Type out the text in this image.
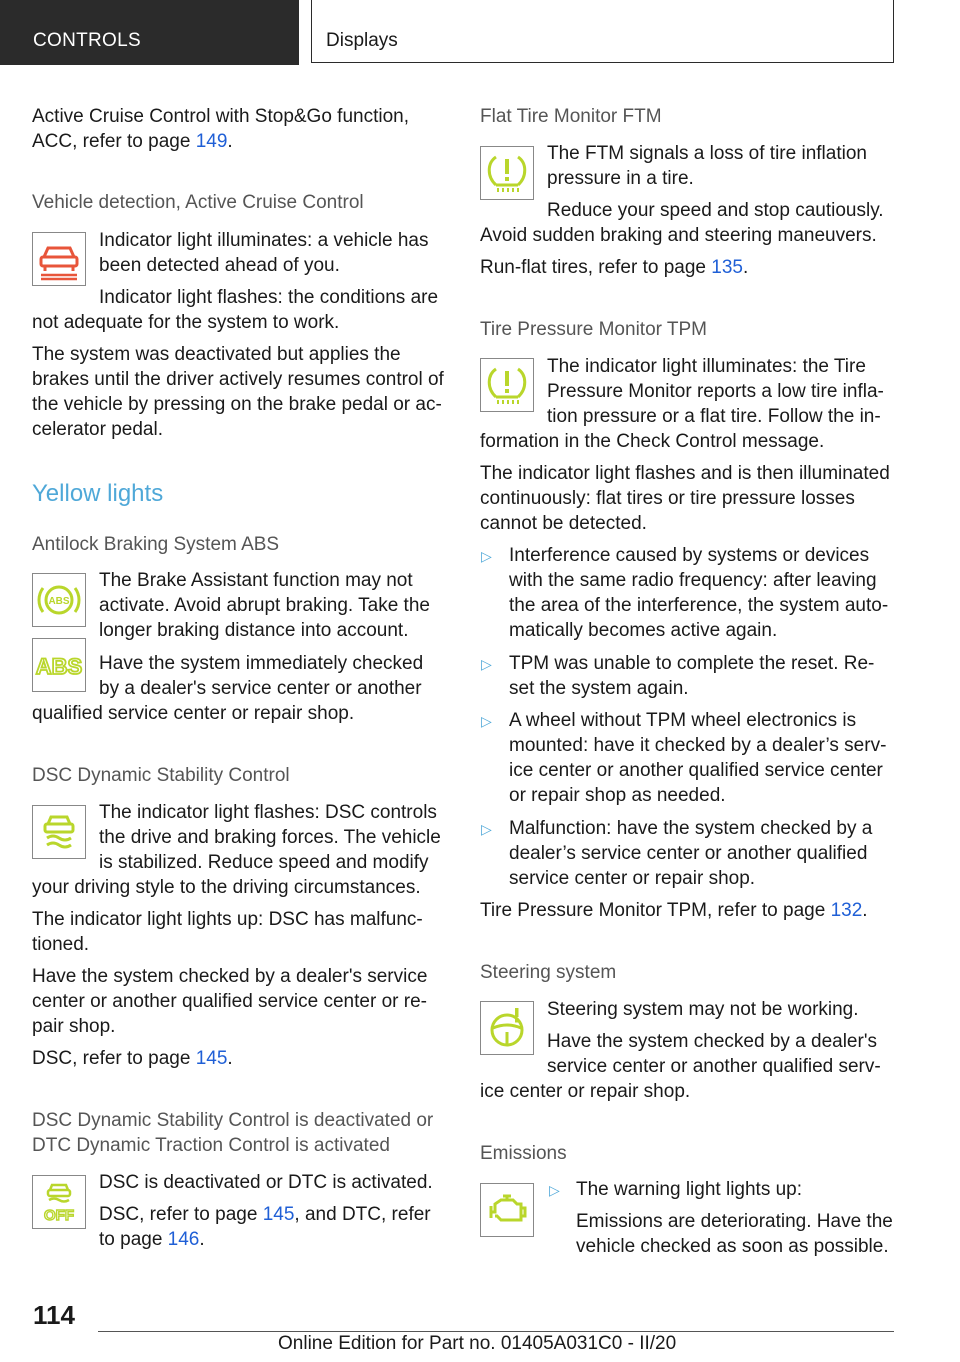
CONTROLS	Displays
Active Cruise Control with Stop&Go function,
ACC, refer to page 149.
Vehicle detection, Active Cruise Control
Indicator light illuminates: a vehicle has
been detected ahead of you.
Indicator light flashes: the conditions are
not adequate for the system to work.
The system was deactivated but applies the
brakes until the driver actively resumes control of
the vehicle by pressing on the brake pedal or ac-
celerator pedal.
Yellow lights
Antilock Braking System ABS
ABS
The Brake Assistant function may not
activate. Avoid abrupt braking. Take the
longer braking distance into account.
ABS Have the system immediately checked
by a dealer's service center or another
qualified service center or repair shop.
DSC Dynamic Stability Control
The indicator light flashes: DSC controls
the drive and braking forces. The vehicle
is stabilized. Reduce speed and modify
your driving style to the driving circumstances.
The indicator light lights up: DSC has malfunc-
tioned.
Have the system checked by a dealer's service
center or another qualified service center or re-
pair shop.
DSC, refer to page 145.
DSC Dynamic Stability Control is deactivated or
DTC Dynamic Traction Control is activated
OFF
DSC is deactivated or DTC is activated.
DSC, refer to page 145, and DTC, refer
to page 146.
Flat Tire Monitor FTM
The FTM signals a loss of tire inflation
pressure in a tire.
Reduce your speed and stop cautiously.
Avoid sudden braking and steering maneuvers.
Run-flat tires, refer to page 135.
Tire Pressure Monitor TPM
The indicator light illuminates: the Tire
Pressure Monitor reports a low tire infla-
tion pressure or a flat tire. Follow the in-
formation in the Check Control message.
The indicator light flashes and is then illuminated
continuously: flat tires or tire pressure losses
cannot be detected.
▷ Interference caused by systems or devices
with the same radio frequency: after leaving
the area of the interference, the system auto-
matically becomes active again.
▷ TPM was unable to complete the reset. Re-
set the system again.
▷ A wheel without TPM wheel electronics is
mounted: have it checked by a dealer’s serv-
ice center or another qualified service center
or repair shop as needed.
▷ Malfunction: have the system checked by a
dealer’s service center or another qualified
service center or repair shop.
Tire Pressure Monitor TPM, refer to page 132.
Steering system
Steering system may not be working.
Have the system checked by a dealer's
service center or another qualified serv-
ice center or repair shop.
Emissions
▷ The warning light lights up:
Emissions are deteriorating. Have the
vehicle checked as soon as possible.
114
Online Edition for Part no. 01405A031C0 - II/20
